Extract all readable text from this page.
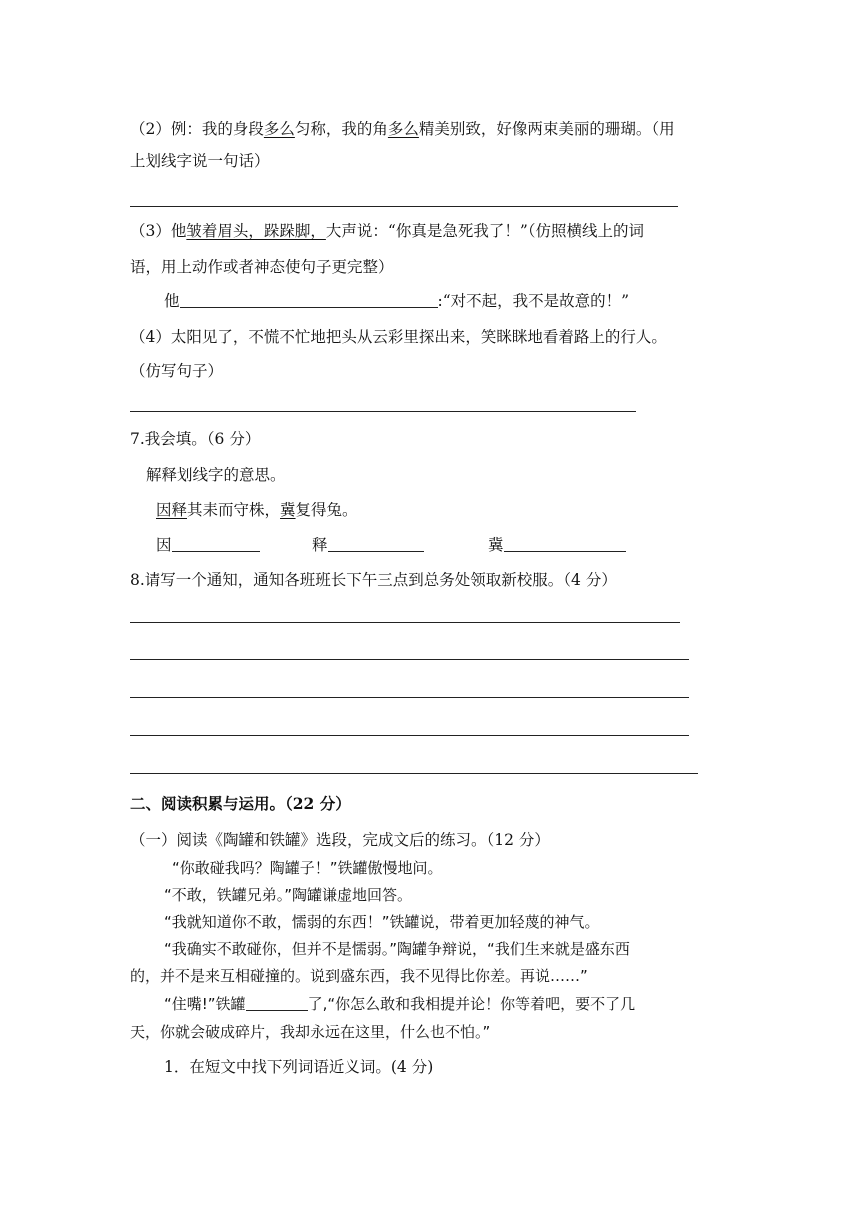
（2）例：我的身段多么匀称，我的角多么精美别致，好像两束美丽的珊瑚。（用
上划线字说一句话）
（3）他皱着眉头，跺跺脚，大声说：“你真是急死我了！”（仿照横线上的词
语，用上动作或者神态使句子更完整）
他	:“对不起，我不是故意的！”
（4）太阳见了，不慌不忙地把头从云彩里探出来，笑眯眯地看着路上的行人。
（仿写句子）
7.我会填。（6 分）
解释划线字的意思。
因释其耒而守株，冀复得兔。
因	释	冀
8.请写一个通知，通知各班班长下午三点到总务处领取新校服。（4 分）
二、阅读积累与运用。（22 分）
（一）阅读《陶罐和铁罐》选段，完成文后的练习。（12 分）
“你敢碰我吗？陶罐子！”铁罐傲慢地问。
“不敢，铁罐兄弟。”陶罐谦虚地回答。
“我就知道你不敢，懦弱的东西！”铁罐说，带着更加轻蔑的神气。
“我确实不敢碰你，但并不是懦弱。”陶罐争辩说，“我们生来就是盛东西
的，并不是来互相碰撞的。说到盛东西，我不见得比你差。再说……”
“住嘴!”铁罐	了,“你怎么敢和我相提并论！你等着吧，要不了几
天，你就会破成碎片，我却永远在这里，什么也不怕。”
1．在短文中找下列词语近义词。(4 分)
